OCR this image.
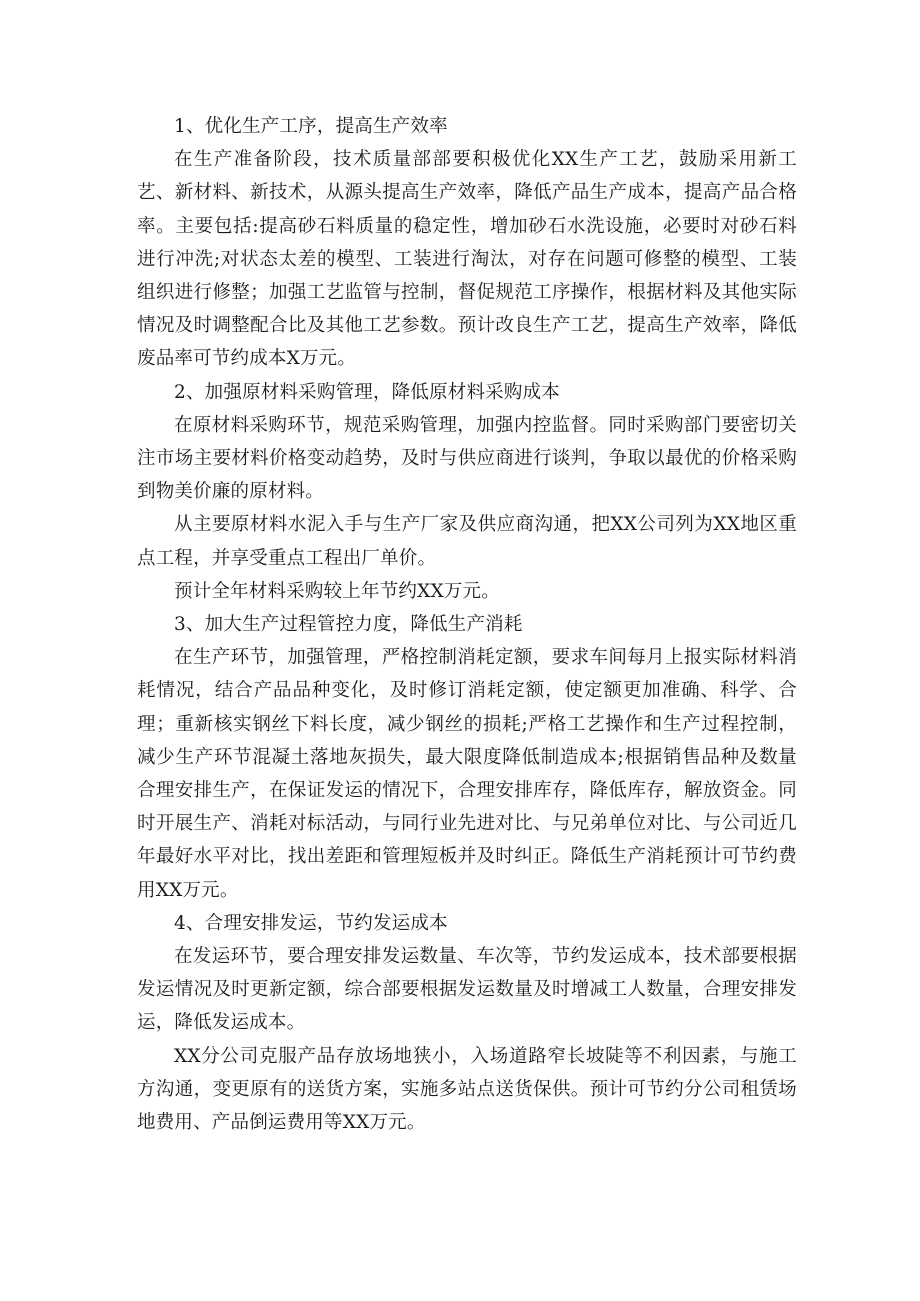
1、优化生产工序，提高生产效率

在生产准备阶段，技术质量部部要积极优化XX生产工艺，鼓励采用新工艺、新材料、新技术，从源头提高生产效率，降低产品生产成本，提高产品合格率。主要包括:提高砂石料质量的稳定性，增加砂石水洗设施，必要时对砂石料进行冲洗;对状态太差的模型、工装进行淘汰，对存在问题可修整的模型、工装组织进行修整；加强工艺监管与控制，督促规范工序操作，根据材料及其他实际情况及时调整配合比及其他工艺参数。预计改良生产工艺，提高生产效率，降低废品率可节约成本X万元。

2、加强原材料采购管理，降低原材料采购成本

在原材料采购环节，规范采购管理，加强内控监督。同时采购部门要密切关注市场主要材料价格变动趋势，及时与供应商进行谈判，争取以最优的价格采购到物美价廉的原材料。

从主要原材料水泥入手与生产厂家及供应商沟通，把XX公司列为XX地区重点工程，并享受重点工程出厂单价。

预计全年材料采购较上年节约XX万元。

3、加大生产过程管控力度，降低生产消耗

在生产环节，加强管理，严格控制消耗定额，要求车间每月上报实际材料消耗情况，结合产品品种变化，及时修订消耗定额，使定额更加准确、科学、合理；重新核实钢丝下料长度，减少钢丝的损耗;严格工艺操作和生产过程控制，减少生产环节混凝土落地灰损失，最大限度降低制造成本;根据销售品种及数量合理安排生产，在保证发运的情况下，合理安排库存，降低库存，解放资金。同时开展生产、消耗对标活动，与同行业先进对比、与兄弟单位对比、与公司近几年最好水平对比，找出差距和管理短板并及时纠正。降低生产消耗预计可节约费用XX万元。

4、合理安排发运，节约发运成本

在发运环节，要合理安排发运数量、车次等，节约发运成本，技术部要根据发运情况及时更新定额，综合部要根据发运数量及时增减工人数量，合理安排发运，降低发运成本。

XX分公司克服产品存放场地狭小，入场道路窄长坡陡等不利因素，与施工方沟通，变更原有的送货方案，实施多站点送货保供。预计可节约分公司租赁场地费用、产品倒运费用等XX万元。
